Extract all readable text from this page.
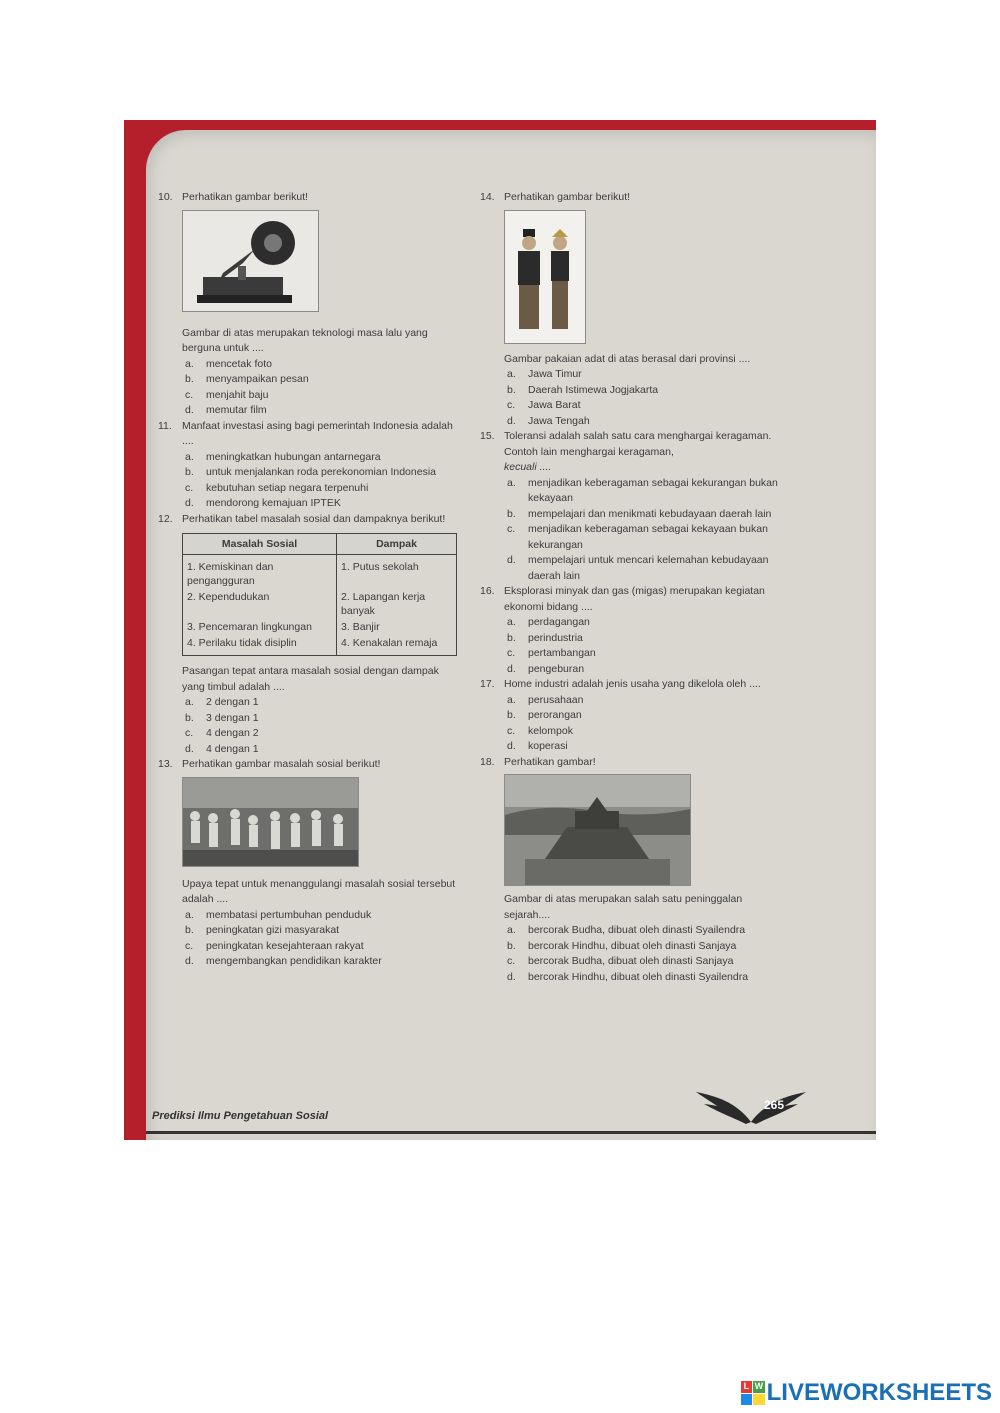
10. Perhatikan gambar berikut!
Gambar di atas merupakan teknologi masa lalu yang berguna untuk ....
a. mencetak foto
b. menyampaikan pesan
c. menjahit baju
d. memutar film
11. Manfaat investasi asing bagi pemerintah Indonesia adalah ....
a. meningkatkan hubungan antarnegara
b. untuk menjalankan roda perekonomian Indonesia
c. kebutuhan setiap negara terpenuhi
d. mendorong kemajuan IPTEK
12. Perhatikan tabel masalah sosial dan dampaknya berikut!
Masalah Sosial	Dampak
1. Kemiskinan dan pengangguran	1. Putus sekolah
2. Kependudukan	2. Lapangan kerja banyak
3. Pencemaran lingkungan	3. Banjir
4. Perilaku tidak disiplin	4. Kenakalan remaja
Pasangan tepat antara masalah sosial dengan dampak yang timbul adalah ....
a. 2 dengan 1
b. 3 dengan 1
c. 4 dengan 2
d. 4 dengan 1
13. Perhatikan gambar masalah sosial berikut!
Upaya tepat untuk menanggulangi masalah sosial tersebut adalah ....
a. membatasi pertumbuhan penduduk
b. peningkatan gizi masyarakat
c. peningkatan kesejahteraan rakyat
d. mengembangkan pendidikan karakter
14. Perhatikan gambar berikut!
Gambar pakaian adat di atas berasal dari provinsi ....
a. Jawa Timur
b. Daerah Istimewa Jogjakarta
c. Jawa Barat
d. Jawa Tengah
15. Toleransi adalah salah satu cara menghargai keragaman. Contoh lain menghargai keragaman,
kecuali ....
a. menjadikan keberagaman sebagai kekurangan bukan kekayaan
b. mempelajari dan menikmati kebudayaan daerah lain
c. menjadikan keberagaman sebagai kekayaan bukan kekurangan
d. mempelajari untuk mencari kelemahan kebudayaan daerah lain
16. Eksplorasi minyak dan gas (migas) merupakan kegiatan ekonomi bidang ....
a. perdagangan
b. perindustria
c. pertambangan
d. pengeburan
17. Home industri adalah jenis usaha yang dikelola oleh ....
a. perusahaan
b. perorangan
c. kelompok
d. koperasi
18. Perhatikan gambar!
Gambar di atas merupakan salah satu peninggalan sejarah....
a. bercorak Budha, dibuat oleh dinasti Syailendra
b. bercorak Hindhu, dibuat oleh dinasti Sanjaya
c. bercorak Budha, dibuat oleh dinasti Sanjaya
d. bercorak Hindhu, dibuat oleh dinasti Syailendra
265
Prediksi Ilmu Pengetahuan Sosial
L W LIVEWORKSHEETS
